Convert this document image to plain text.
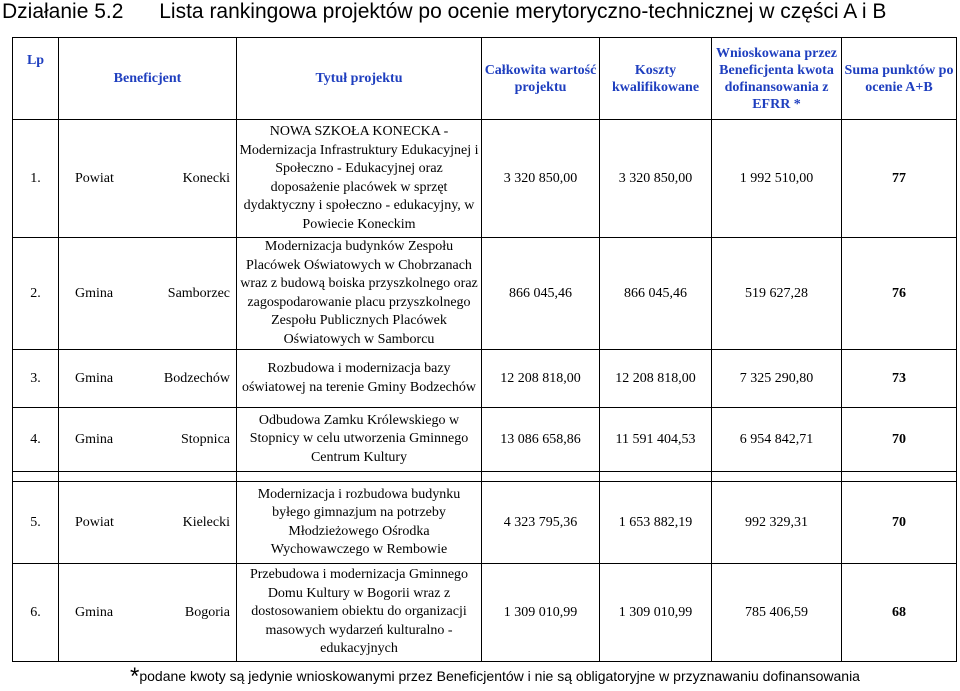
Działanie 5.2 Lista rankingowa projektów po ocenie merytoryczno-technicznej w części A i B
Lp	Beneficjent	Tytuł projektu	Całkowita wartość projektu	Koszty kwalifikowane	Wnioskowana przez Beneficjenta kwota dofinansowania z EFRR *	Suma punktów po ocenie A+B
1.	Powiat Konecki	NOWA SZKOŁA KONECKA - Modernizacja Infrastruktury Edukacyjnej i Społeczno - Edukacyjnej oraz doposażenie placówek w sprzęt dydaktyczny i społeczno - edukacyjny, w Powiecie Koneckim	3 320 850,00	3 320 850,00	1 992 510,00	77
2.	Gmina Samborzec	Modernizacja budynków Zespołu Placówek Oświatowych w Chobrzanach wraz z budową boiska przyszkolnego oraz zagospodarowanie placu przyszkolnego Zespołu Publicznych Placówek Oświatowych w Samborcu	866 045,46	866 045,46	519 627,28	76
3.	Gmina Bodzechów	Rozbudowa i modernizacja bazy oświatowej na terenie Gminy Bodzechów	12 208 818,00	12 208 818,00	7 325 290,80	73
4.	Gmina Stopnica	Odbudowa Zamku Królewskiego w Stopnicy w celu utworzenia Gminnego Centrum Kultury	13 086 658,86	11 591 404,53	6 954 842,71	70

5.	Powiat Kielecki	Modernizacja i rozbudowa budynku byłego gimnazjum na potrzeby Młodzieżowego Ośrodka Wychowawczego w Rembowie	4 323 795,36	1 653 882,19	992 329,31	70
6.	Gmina Bogoria	Przebudowa i modernizacja Gminnego Domu Kultury w Bogorii wraz z dostosowaniem obiektu do organizacji masowych wydarzeń kulturalno - edukacyjnych	1 309 010,99	1 309 010,99	785 406,59	68
*podane kwoty są jedynie wnioskowanymi przez Beneficjentów i nie są obligatoryjne w przyznawaniu dofinansowania
